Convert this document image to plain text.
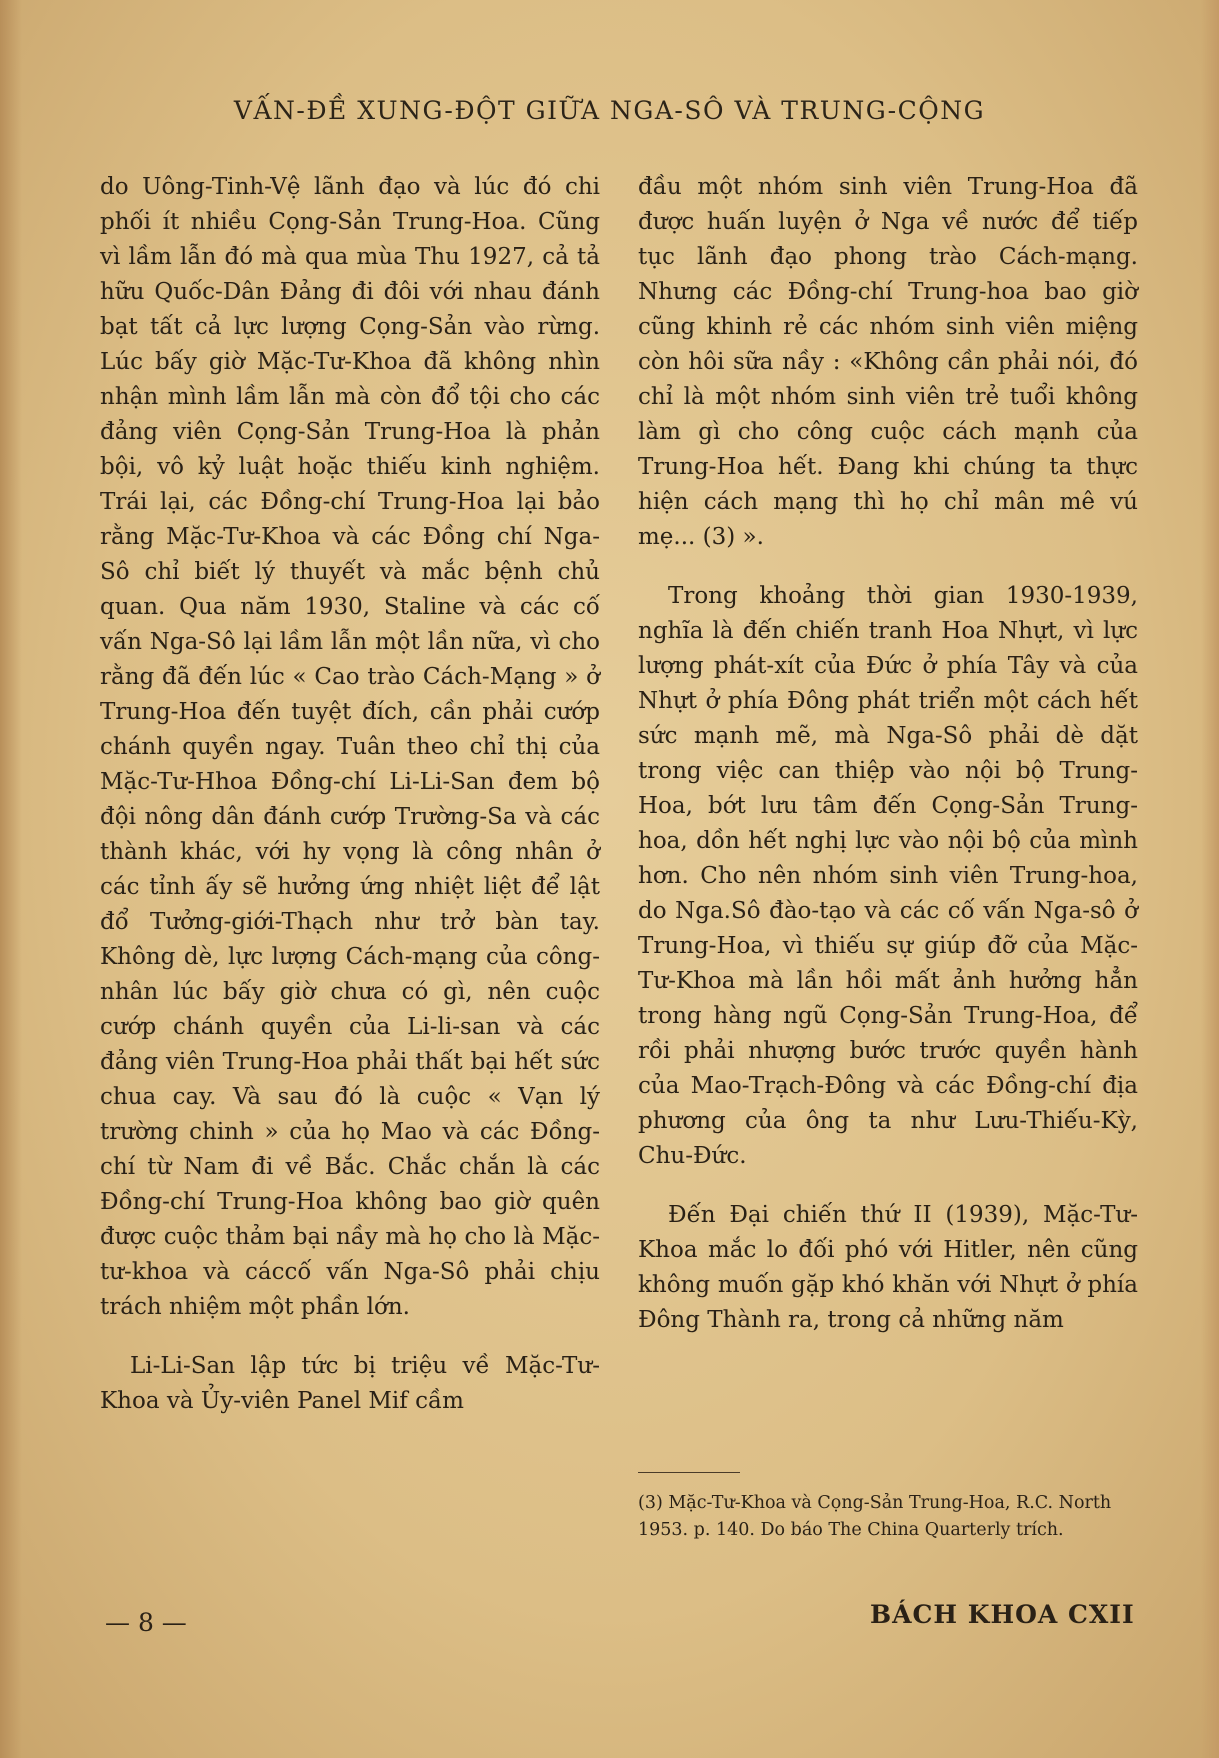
VẤN-ĐỀ XUNG-ĐỘT GIỮA NGA-SÔ VÀ TRUNG-CỘNG

do Uông-Tinh-Vệ lãnh đạo và lúc đó chi phối ít nhiều Cọng-Sản Trung-Hoa. Cũng vì lầm lẫn đó mà qua mùa Thu 1927, cả tả hữu Quốc-Dân Đảng đi đôi với nhau đánh bạt tất cả lực lượng Cọng-Sản vào rừng. Lúc bấy giờ Mặc-Tư-Khoa đã không nhìn nhận mình lầm lẫn mà còn đổ tội cho các đảng viên Cọng-Sản Trung-Hoa là phản bội, vô kỷ luật hoặc thiếu kinh nghiệm. Trái lại, các Đồng-chí Trung-Hoa lại bảo rằng Mặc-Tư-Khoa và các Đồng chí Nga-Sô chỉ biết lý thuyết và mắc bệnh chủ quan. Qua năm 1930, Staline và các cố vấn Nga-Sô lại lầm lẫn một lần nữa, vì cho rằng đã đến lúc « Cao trào Cách-Mạng » ở Trung-Hoa đến tuyệt đích, cần phải cướp chánh quyền ngay. Tuân theo chỉ thị của Mặc-Tư-Hhoa Đồng-chí Li-Li-San đem bộ đội nông dân đánh cướp Trường-Sa và các thành khác, với hy vọng là công nhân ở các tỉnh ấy sẽ hưởng ứng nhiệt liệt để lật đổ Tưởng-giới-Thạch như trở bàn tay. Không dè, lực lượng Cách-mạng của công-nhân lúc bấy giờ chưa có gì, nên cuộc cướp chánh quyền của Li-li-san và các đảng viên Trung-Hoa phải thất bại hết sức chua cay. Và sau đó là cuộc « Vạn lý trường chinh » của họ Mao và các Đồng-chí từ Nam đi về Bắc. Chắc chắn là các Đồng-chí Trung-Hoa không bao giờ quên được cuộc thảm bại nầy mà họ cho là Mặc-tư-khoa và cáccố vấn Nga-Sô phải chịu trách nhiệm một phần lớn.

Li-Li-San lập tức bị triệu về Mặc-Tư-Khoa và Ủy-viên Panel Mif cầm

đầu một nhóm sinh viên Trung-Hoa đã được huấn luyện ở Nga về nước để tiếp tục lãnh đạo phong trào Cách-mạng. Nhưng các Đồng-chí Trung-hoa bao giờ cũng khinh rẻ các nhóm sinh viên miệng còn hôi sữa nầy : «Không cần phải nói, đó chỉ là một nhóm sinh viên trẻ tuổi không làm gì cho công cuộc cách mạnh của Trung-Hoa hết. Đang khi chúng ta thực hiện cách mạng thì họ chỉ mân mê vú mẹ... (3) ».

Trong khoảng thời gian 1930-1939, nghĩa là đến chiến tranh Hoa Nhựt, vì lực lượng phát-xít của Đức ở phía Tây và của Nhựt ở phía Đông phát triển một cách hết sức mạnh mẽ, mà Nga-Sô phải dè dặt trong việc can thiệp vào nội bộ Trung-Hoa, bớt lưu tâm đến Cọng-Sản Trung-hoa, dồn hết nghị lực vào nội bộ của mình hơn. Cho nên nhóm sinh viên Trung-hoa, do Nga.Sô đào-tạo và các cố vấn Nga-sô ở Trung-Hoa, vì thiếu sự giúp đỡ của Mặc-Tư-Khoa mà lần hồi mất ảnh hưởng hẳn trong hàng ngũ Cọng-Sản Trung-Hoa, để rồi phải nhượng bước trước quyền hành của Mao-Trạch-Đông và các Đồng-chí địa phương của ông ta như Lưu-Thiếu-Kỳ, Chu-Đức.

Đến Đại chiến thứ II (1939), Mặc-Tư-Khoa mắc lo đối phó với Hitler, nên cũng không muốn gặp khó khăn với Nhựt ở phía Đông Thành ra, trong cả những năm

(3) Mặc-Tư-Khoa và Cọng-Sản Trung-Hoa, R.C. North 1953. p. 140. Do báo The China Quarterly trích.
— 8 —	BÁCH KHOA CXII
